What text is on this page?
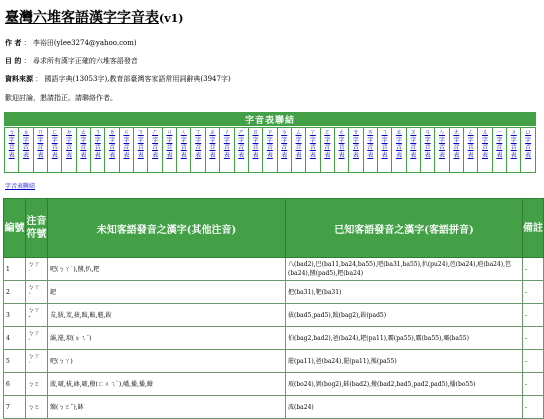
臺灣六堆客語漢字字音表(v1)
作 者 ： 李裕田(ylee3274@yahoo.com)
目 的 ： 尋求所有漢字正確的六堆客語發音
資料來源 ： 國語字典(13053字),教育部臺灣客家語常用詞辭典(3947字)
歡迎討論，懇請指正。請聯絡作者。
字音表聯結
ㄅ
字
音
表
ㄆ
字
音
表
ㄇ
字
音
表
ㄈ
字
音
表
ㄉ
字
音
表
ㄊ
字
音
表
ㄋ
字
音
表
ㄌ
字
音
表
ㄍ
字
音
表
ㄎ
字
音
表
ㄏ
字
音
表
ㄐ
字
音
表
ㄑ
字
音
表
ㄒ
字
音
表
ㄓ
字
音
表
ㄔ
字
音
表
ㄕ
字
音
表
ㄖ
字
音
表
ㄗ
字
音
表
ㄘ
字
音
表
ㄙ
字
音
表
ㄚ
字
音
表
ㄛ
字
音
表
ㄜ
字
音
表
ㄝ
字
音
表
ㄞ
字
音
表
ㄟ
字
音
表
ㄠ
字
音
表
ㄡ
字
音
表
ㄢ
字
音
表
ㄣ
字
音
表
ㄤ
字
音
表
ㄥ
字
音
表
ㄦ
字
音
表
ㄧ
字
音
表
ㄨ
字
音
表
ㄩ
字
音
表
字音表聯結
編號	注音符號	未知客語發音之漢字(其他注音)	已知客語發音之漢字(客語拼音)	備註
1	ㄅㄚ
˙	吧(ㄅㄚ˙),捌,扒,粑	八(bad2),巴(ba11,ba24,ba55),吧(ba31,ba55),扒(pu24),芭(ba24),疤(ba24),笆(ba24),捌(pad5),粑(ba24)	-
2	ㄅㄚ
ˊ	鈀	把(ba31),靶(ba31)	-
3	ㄅㄚ
ˇ	犮,胈,茇,菝,跋,軷,魃,鈸	拔(bad5,pad5),跋(bag2),鈸(pad5)	-
4	ㄅㄚ
ˋ	灞,罷,垻(ㄆㄟˊ)	伯(bag2,bad2),爸(ba24),耙(pa11),霸(pa55),霸(ba55),壩(ba55)	-
5	ㄅㄚ
˙	吧(ㄅㄚ)	罷(pa11),爸(ba24),罷(pa11),羆(pa55)	-
6	ㄅㄛ	菠,啵,柭,砵,啵,撥(ㄈㄨㄟˋ),嶓,播,播,鱍	玻(bo24),剝(bog2),缽(bad2),撥(bad2,bad5,pad2,pad5),播(bo55)	-
7	ㄅㄛ	簸(ㄅㄛˇ),缽	波(ba24)	-
